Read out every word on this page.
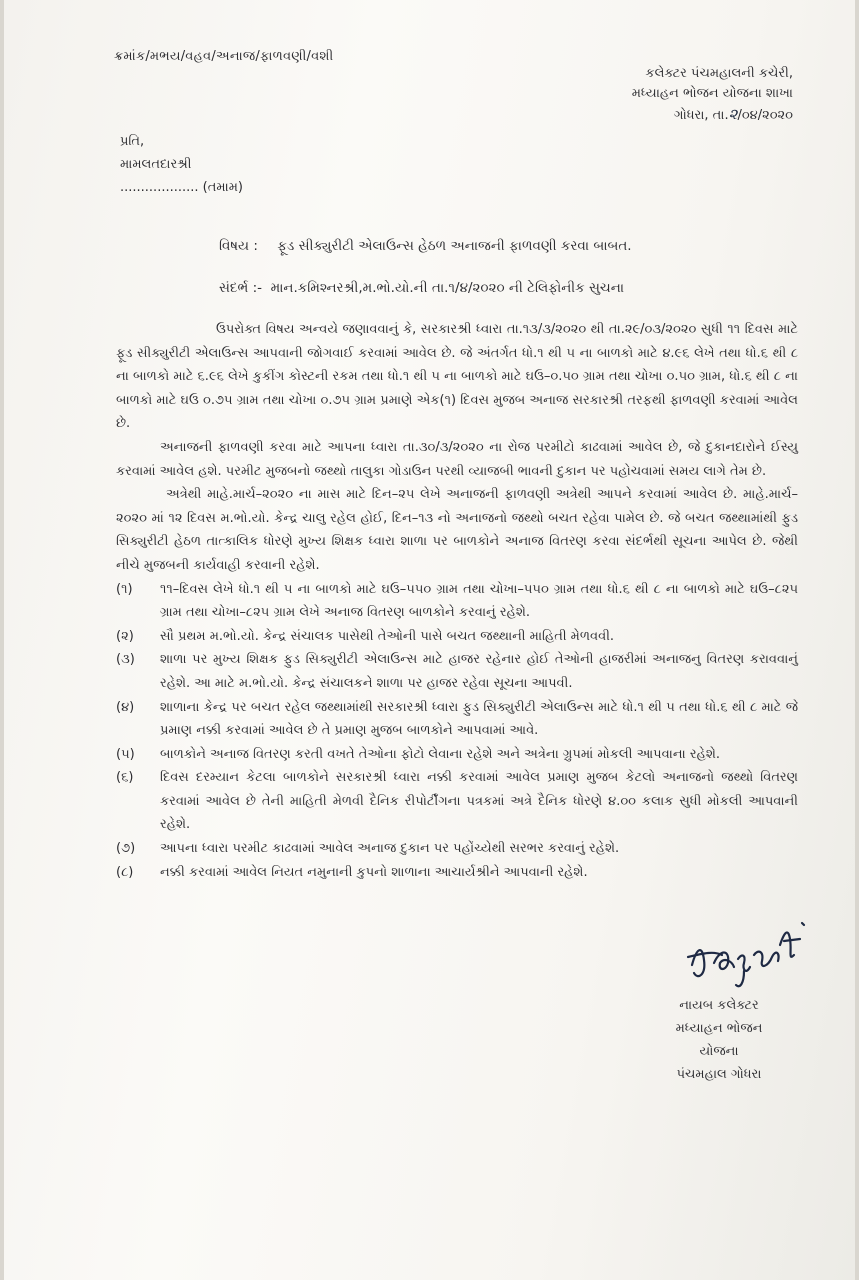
ક્રમાંક/મભય/વહવ/અનાજ/ફાળવણી/વશી
કલેક્ટર પંચમહાલની કચેરી,
મધ્યાહન ભોજન યોજના શાખા
ગોધરા, તા.૨/૦૪/૨૦૨૦
પ્રતિ,
મામલતદારશ્રી
................... (તમામ)
વિષય : ફૂડ સીક્યુરીટી એલાઉન્સ હેઠળ અનાજની ફાળવણી કરવા બાબત.
સંદર્ભ :- માન.કમિશ્નરશ્રી,મ.ભો.યો.ની તા.૧/૪/૨૦૨૦ ની ટેલિફોનીક સુચના

ઉપરોક્ત વિષય અન્વયે જણાવવાનું કે, સરકારશ્રી ધ્વારા તા.૧૩/૩/૨૦૨૦ થી તા.૨૯/૦૩/૨૦૨૦ સુધી ૧૧ દિવસ માટે ફૂડ સીક્યુરીટી એલાઉન્સ આપવાની જોગવાઈ કરવામાં આવેલ છે. જે અંતર્ગત ધો.૧ થી ૫ ના બાળકો માટે ૪.૯૬ લેખે તથા ધો.૬ થી ૮ ના બાળકો માટે ૬.૯૬ લેખે કુકીંગ કોસ્ટની રકમ તથા ધો.૧ થી ૫ ના બાળકો માટે ઘઉ–૦.૫૦ ગ્રામ તથા ચોખા ૦.૫૦ ગ્રામ, ધો.૬ થી ૮ ના બાળકો માટે ઘઉ ૦.૭૫ ગ્રામ તથા ચોખા ૦.૭૫ ગ્રામ પ્રમાણે એક(૧) દિવસ મુજબ અનાજ સરકારશ્રી તરફથી ફાળવણી કરવામાં આવેલ છે.

અનાજની ફાળવણી કરવા માટે આપના ધ્વારા તા.૩૦/૩/૨૦૨૦ ના રોજ પરમીટો કાઢવામાં આવેલ છે, જે દુકાનદારોને ઈસ્યુ કરવામાં આવેલ હશે. પરમીટ મુજબનો જથ્થો તાલુકા ગોડાઉન પરથી વ્યાજબી ભાવની દુકાન પર પહોચવામાં સમય લાગે તેમ છે.

અત્રેથી માહે.માર્ચ–૨૦૨૦ ના માસ માટે દિન–૨૫ લેખે અનાજની ફાળવણી અત્રેથી આપને કરવામાં આવેલ છે. માહે.માર્ચ–૨૦૨૦ માં ૧૨ દિવસ મ.ભો.યો. કેન્દ્ર ચાલુ રહેલ હોઈ, દિન–૧૩ નો અનાજનો જથ્થો બચત રહેવા પામેલ છે. જે બચત જથ્થામાંથી ફુડ સિક્યુરીટી હેઠળ તાત્કાલિક ધોરણે મુખ્ય શિક્ષક ધ્વારા શાળા પર બાળકોને અનાજ વિતરણ કરવા સંદર્ભથી સૂચના આપેલ છે. જેથી નીચે મુજબની કાર્યવાહી કરવાની રહેશે.

(૧)	૧૧–દિવસ લેખે ધો.૧ થી ૫ ના બાળકો માટે ઘઉ–૫૫૦ ગ્રામ તથા ચોખા–૫૫૦ ગ્રામ તથા ધો.૬ થી ૮ ના બાળકો માટે ઘઉ–૮૨૫ ગ્રામ તથા ચોખા–૮૨૫ ગ્રામ લેખે અનાજ વિતરણ બાળકોને કરવાનું રહેશે.
(૨)	સૌ પ્રથમ મ.ભો.યો. કેન્દ્ર સંચાલક પાસેથી તેઓની પાસે બચત જથ્થાની માહિતી મેળવવી.
(૩)	શાળા પર મુખ્ય શિક્ષક ફુડ સિક્યુરીટી એલાઉન્સ માટે હાજર રહેનાર હોઈ તેઓની હાજરીમાં અનાજનુ વિતરણ કરાવવાનું રહેશે. આ માટે મ.ભો.યો. કેન્દ્ર સંચાલકને શાળા પર હાજર રહેવા સૂચના આપવી.
(૪)	શાળાના કેન્દ્ર પર બચત રહેલ જથ્થામાંથી સરકારશ્રી ધ્વારા ફુડ સિક્યુરીટી એલાઉન્સ માટે ધો.૧ થી ૫ તથા ધો.૬ થી ૮ માટે જે પ્રમાણ નક્કી કરવામાં આવેલ છે તે પ્રમાણ મુજબ બાળકોને આપવામાં આવે.
(૫)	બાળકોને અનાજ વિતરણ કરતી વખતે તેઓના ફોટો લેવાના રહેશે અને અત્રેના ગ્રુપમાં મોકલી આપવાના રહેશે.
(૬)	દિવસ દરમ્યાન કેટલા બાળકોને સરકારશ્રી ધ્વારા નક્કી કરવામાં આવેલ પ્રમાણ મુજબ કેટલો અનાજનો જથ્થો વિતરણ કરવામાં આવેલ છે તેની માહિતી મેળવી દૈનિક રીપોર્ટીંગના પત્રકમાં અત્રે દૈનિક ધોરણે ૪.૦૦ કલાક સુધી મોકલી આપવાની રહેશે.
(૭)	આપના ધ્વારા પરમીટ કાઢવામાં આવેલ અનાજ દુકાન પર પહોંચ્યેથી સરભર કરવાનું રહેશે.
(૮)	નક્કી કરવામાં આવેલ નિયત નમુનાની કુપનો શાળાના આચાર્યશ્રીને આપવાની રહેશે.
નાયબ કલેક્ટર
મધ્યાહન ભોજન યોજના
પંચમહાલ ગોધરા
